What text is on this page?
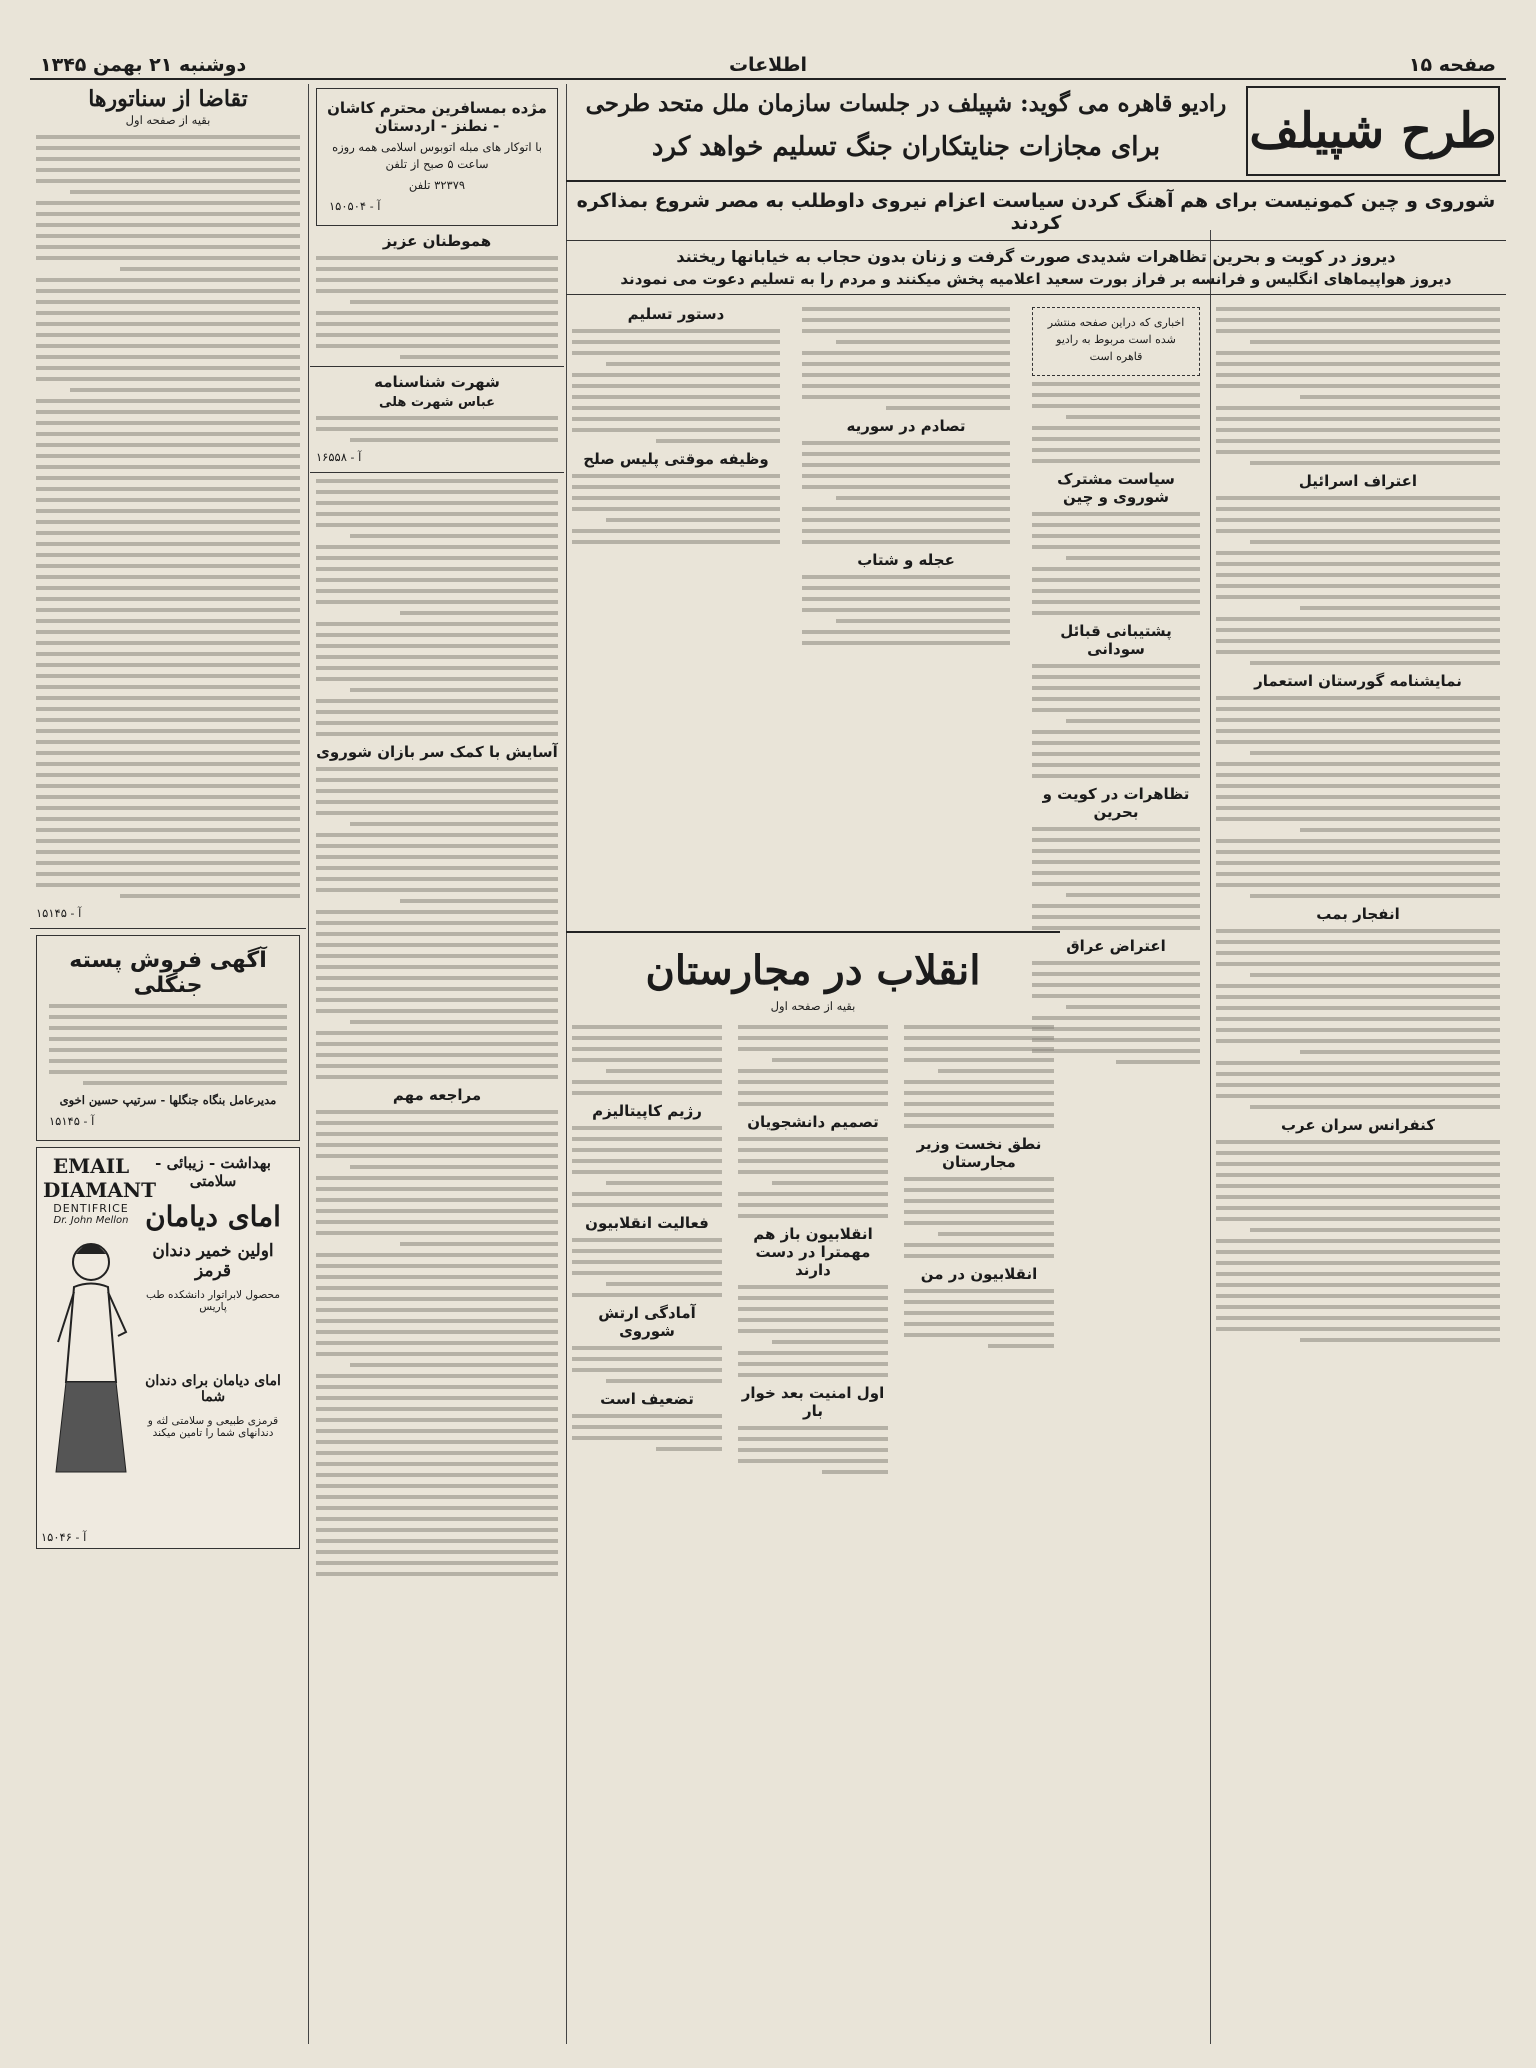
صفحه ۱۵
اطلاعات
دوشنبه ۲۱ بهمن ۱۳۴۵
طرح شپیلف
رادیو قاهره می گوید: شپیلف در جلسات سازمان ملل متحد طرحی
برای مجازات جنایتکاران جنگ تسلیم خواهد کرد
شوروی و چین کمونیست برای هم آهنگ کردن سیاست اعزام نیروی داوطلب به مصر شروع بمذاکره کردند
دیروز در کویت و بحرین تظاهرات شدیدی صورت گرفت و زنان بدون حجاب به خیابانها ریختند
دیروز هواپیماهای انگلیس و فرانسه بر فراز بورت سعید اعلامیه پخش میکنند و مردم را به تسلیم دعوت می نمودند
اعتراف اسرائیل
نمایشنامه گورستان استعمار
انفجار بمب
کنفرانس سران عرب
اخباری که دراین صفحه منتشر شده است مربوط به رادیو قاهره است
سیاست مشترک شوروی و چین
پشتیبانی قبائل سودانی
تظاهرات در کویت و بحرین
اعتراض عراق
تصادم در سوریه
عجله و شتاب
دستور تسلیم
وظیفه موقتی پلیس صلح
انقلاب در مجارستان
بقیه از صفحه اول
نطق نخست وزیر مجارستان
انقلابیون در من
تصمیم دانشجویان
انقلابیون باز هم مهمترا در دست دارند
اول امنیت بعد خوار بار
رژیم کاپیتالیزم
فعالیت انقلابیون
آمادگی ارتش شوروی
تضعیف است
مژده بمسافرین محترم کاشان - نطنز - اردستان
با اتوکار های مبله اتوبوس اسلامی همه روزه ساعت ۵ صبح از تلفن
۳۲۳۷۹ تلفن
آ - ۱۵۰۵۰۴
هموطنان عزیز
شهرت شناسنامه
عباس شهرت هلی
آ - ۱۶۵۵۸
آسایش با کمک سر بازان شوروی
مراجعه مهم
تقاضا از سناتورها
بقیه از صفحه اول
آ - ۱۵۱۴۵
آگهی فروش پسته جنگلی
مدیرعامل بنگاه جنگلها - سرتیپ حسین اخوی
آ - ۱۵۱۴۵
EMAIL
DIAMANT
DENTIFRICE
Dr. John Mellon
بهداشت - زیبائی - سلامتی
امای دیامان
اولین خمیر دندان قرمز
محصول لابراتوار دانشکده طب پاریس
امای دیامان برای دندان شما
قرمزی طبیعی و سلامتی لثه و دندانهای شما را تامین میکند
آ - ۱۵۰۴۶
